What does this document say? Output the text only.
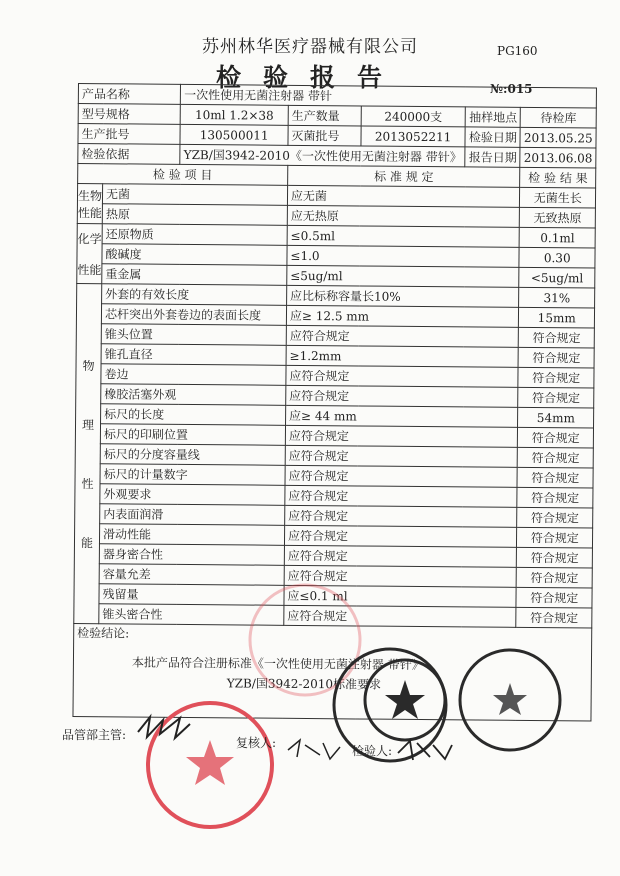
苏州林华医疗器械有限公司	PG160
检验报告	№:015
产品名称		一次性使用无菌注射器 带针				
型号规格		10ml 1.2×38	生产数量	240000支	抽样地点	待检库
生产批号		130500011	灭菌批号	2013052211	检验日期	2013.05.25
检验依据		YZB/国3942-2010《一次性使用无菌注射器 带针》			报告日期	2013.06.08
检 验 项 目			标 准 规 定			检 验 结 果
生物
性能	无菌		应无菌			无菌生长
	热原		应无热原			无致热原
化学

性能	还原物质		≤0.5ml			0.1ml
	酸碱度		≤1.0			0.30
	重金属		≤5ug/ml			<5ug/ml
物

理

性

能	外套的有效长度		应比标称容量长10%			31%
	芯杆突出外套卷边的表面长度		应≥ 12.5 mm			15mm
	锥头位置		应符合规定			符合规定
	锥孔直径		≥1.2mm			符合规定
	卷边		应符合规定			符合规定
	橡胶活塞外观		应符合规定			符合规定
	标尺的长度		应≥ 44 mm			54mm
	标尺的印刷位置		应符合规定			符合规定
	标尺的分度容量线		应符合规定			符合规定
	标尺的计量数字		应符合规定			符合规定
	外观要求		应符合规定			符合规定
	内表面润滑		应符合规定			符合规定
	滑动性能		应符合规定			符合规定
	器身密合性		应符合规定			符合规定
	容量允差		应符合规定			符合规定
	残留量		应≤0.1 ml			符合规定
	锥头密合性		应符合规定			符合规定

检验结论:
本批产品符合注册标准《一次性使用无菌注射器 带针》
YZB/国3942-2010标准要求						
品管部主管:
复核人:
检验人:
